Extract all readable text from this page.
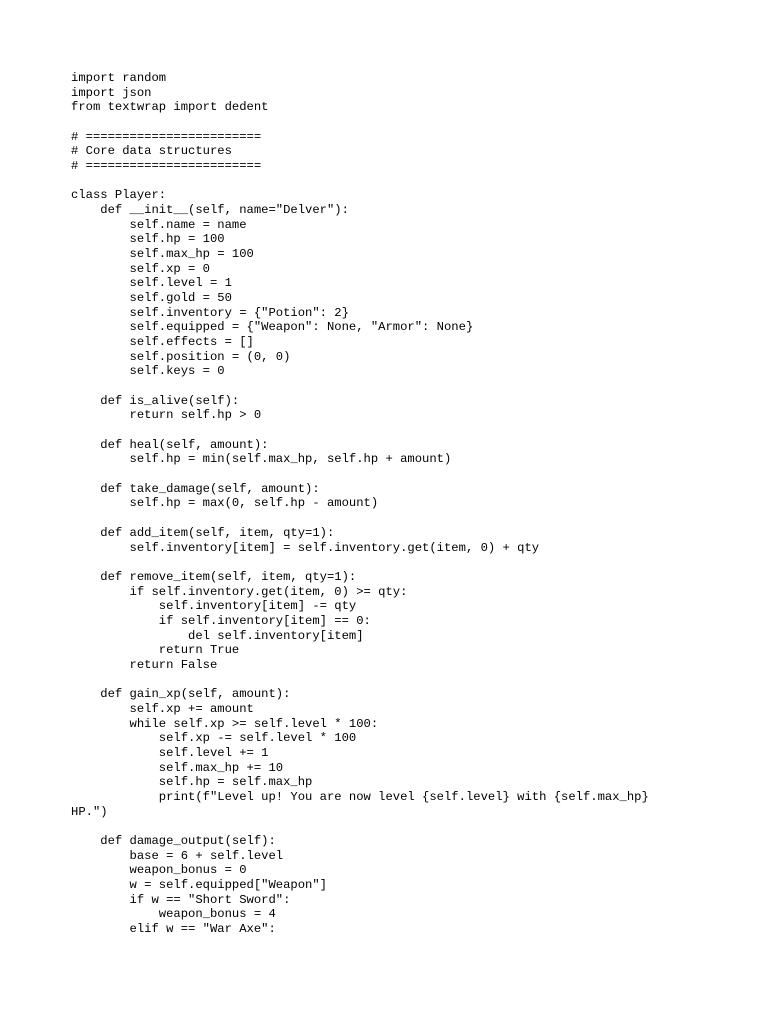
import random
import json
from textwrap import dedent
# ========================
# Core data structures
# ========================
class Player:
def __init__(self, name="Delver"):
self.name = name
self.hp = 100
self.max_hp = 100
self.xp = 0
self.level = 1
self.gold = 50
self.inventory = {"Potion": 2}
self.equipped = {"Weapon": None, "Armor": None}
self.effects = []
self.position = (0, 0)
self.keys = 0
def is_alive(self):
return self.hp > 0
def heal(self, amount):
self.hp = min(self.max_hp, self.hp + amount)
def take_damage(self, amount):
self.hp = max(0, self.hp - amount)
def add_item(self, item, qty=1):
self.inventory[item] = self.inventory.get(item, 0) + qty
def remove_item(self, item, qty=1):
if self.inventory.get(item, 0) >= qty:
self.inventory[item] -= qty
if self.inventory[item] == 0:
del self.inventory[item]
return True
return False
def gain_xp(self, amount):
self.xp += amount
while self.xp >= self.level * 100:
self.xp -= self.level * 100
self.level += 1
self.max_hp += 10
self.hp = self.max_hp
print(f"Level up! You are now level {self.level} with {self.max_hp}
HP.")
def damage_output(self):
base = 6 + self.level
weapon_bonus = 0
w = self.equipped["Weapon"]
if w == "Short Sword":
weapon_bonus = 4
elif w == "War Axe":
